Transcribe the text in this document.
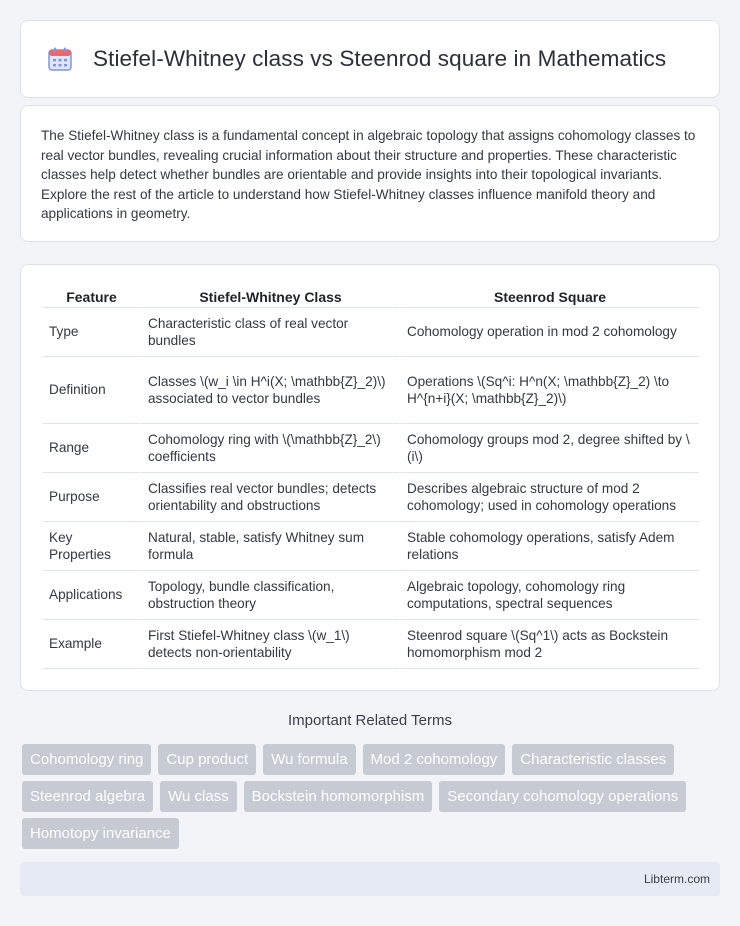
Stiefel-Whitney class vs Steenrod square in Mathematics

The Stiefel-Whitney class is a fundamental concept in algebraic topology that assigns cohomology classes to real vector bundles, revealing crucial information about their structure and properties. These characteristic classes help detect whether bundles are orientable and provide insights into their topological invariants. Explore the rest of the article to understand how Stiefel-Whitney classes influence manifold theory and applications in geometry.

Feature	Stiefel-Whitney Class	Steenrod Square
Type	Characteristic class of real vector bundles	Cohomology operation in mod 2 cohomology
Definition	Classes \(w_i \in H^i(X; \mathbb{Z}_2)\) associated to vector bundles	Operations \(Sq^i: H^n(X; \mathbb{Z}_2) \to H^{n+i}(X; \mathbb{Z}_2)\)
Range	Cohomology ring with \(\mathbb{Z}_2\) coefficients	Cohomology groups mod 2, degree shifted by \(i\)
Purpose	Classifies real vector bundles; detects orientability and obstructions	Describes algebraic structure of mod 2 cohomology; used in cohomology operations
Key Properties	Natural, stable, satisfy Whitney sum formula	Stable cohomology operations, satisfy Adem relations
Applications	Topology, bundle classification, obstruction theory	Algebraic topology, cohomology ring computations, spectral sequences
Example	First Stiefel-Whitney class \(w_1\) detects non-orientability	Steenrod square \(Sq^1\) acts as Bockstein homomorphism mod 2
Important Related Terms
Cohomology ring	Cup product	Wu formula	Mod 2 cohomology	Characteristic classes
Steenrod algebra	Wu class	Bockstein homomorphism	Secondary cohomology operations
Homotopy invariance
Libterm.com
